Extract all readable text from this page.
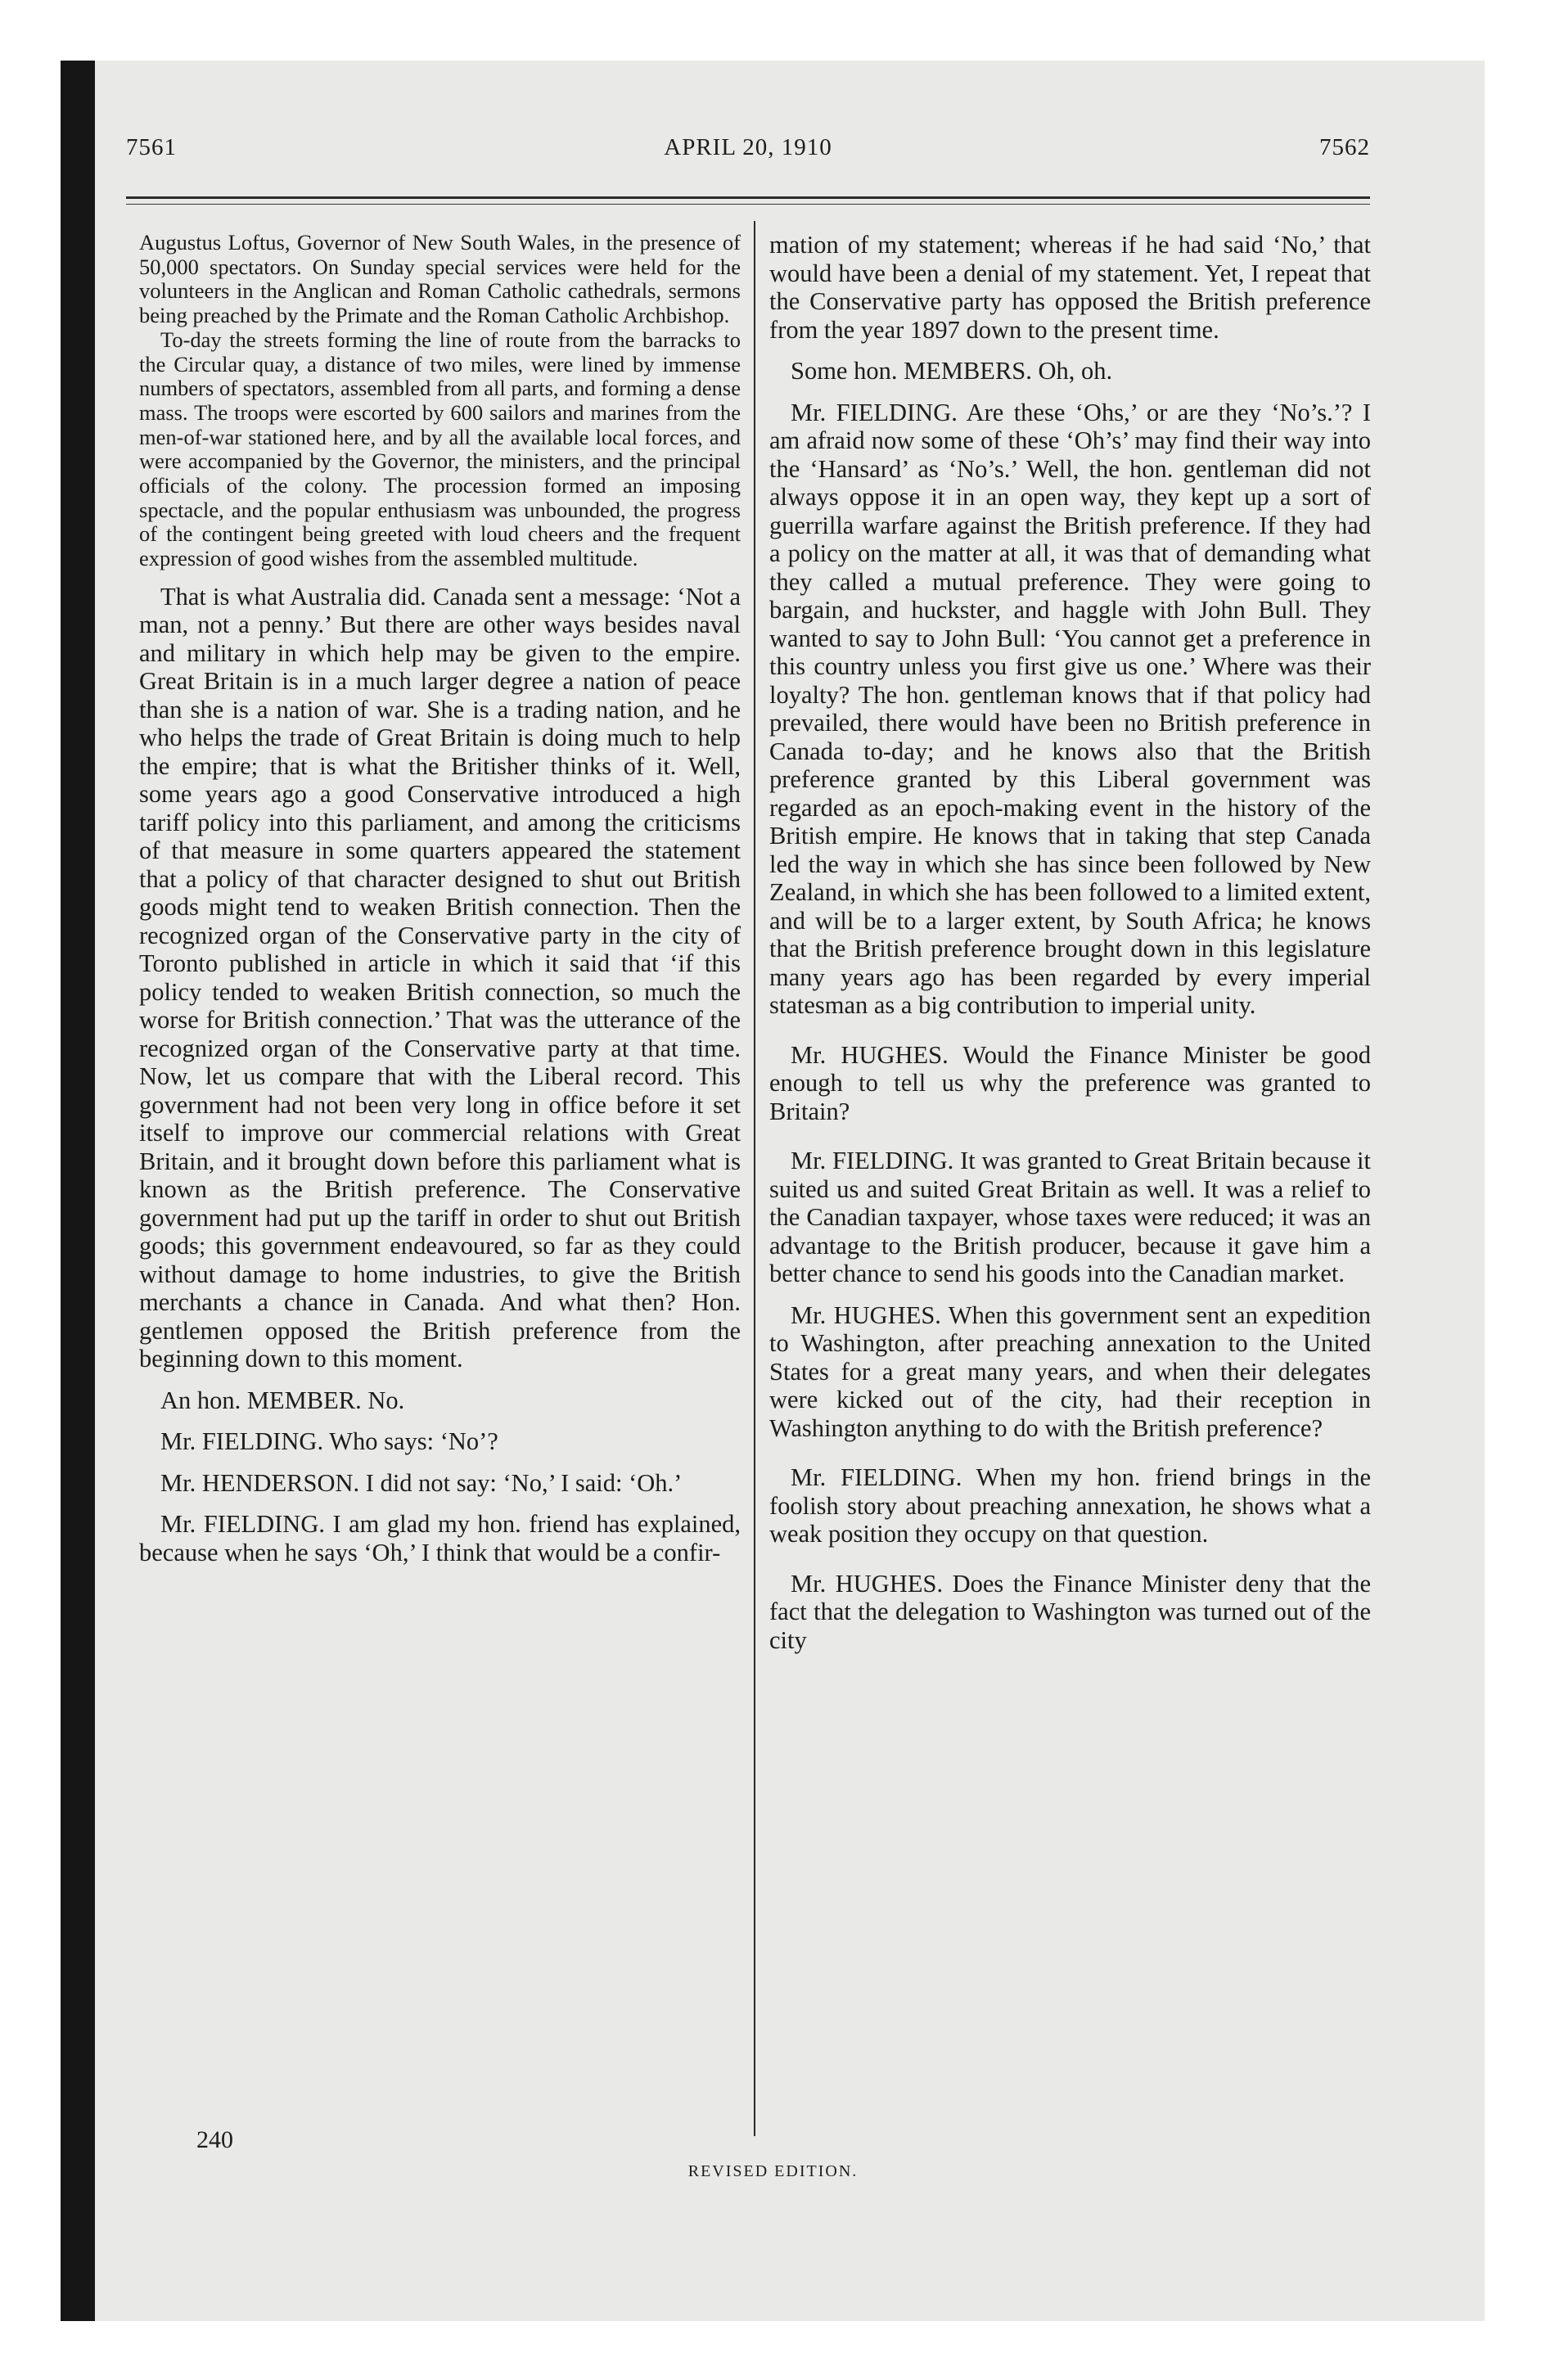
7561	APRIL 20, 1910	7562

Augustus Loftus, Governor of New South Wales, in the presence of 50,000 spectators. On Sunday special services were held for the volunteers in the Anglican and Roman Catholic cathedrals, sermons being preached by the Primate and the Roman Catholic Archbishop.

To-day the streets forming the line of route from the barracks to the Circular quay, a distance of two miles, were lined by immense numbers of spectators, assembled from all parts, and forming a dense mass. The troops were escorted by 600 sailors and marines from the men-of-war stationed here, and by all the available local forces, and were accompanied by the Governor, the ministers, and the principal officials of the colony. The procession formed an imposing spectacle, and the popular enthusiasm was unbounded, the progress of the contingent being greeted with loud cheers and the frequent expression of good wishes from the assembled multitude.

That is what Australia did. Canada sent a message: ‘Not a man, not a penny.’ But there are other ways besides naval and military in which help may be given to the empire. Great Britain is in a much larger degree a nation of peace than she is a nation of war. She is a trading nation, and he who helps the trade of Great Britain is doing much to help the empire; that is what the Britisher thinks of it. Well, some years ago a good Conservative introduced a high tariff policy into this parliament, and among the criticisms of that measure in some quarters appeared the statement that a policy of that character designed to shut out British goods might tend to weaken British connection. Then the recognized organ of the Conservative party in the city of Toronto published in article in which it said that ‘if this policy tended to weaken British connection, so much the worse for British connection.’ That was the utterance of the recognized organ of the Conservative party at that time. Now, let us compare that with the Liberal record. This government had not been very long in office before it set itself to improve our commercial relations with Great Britain, and it brought down before this parliament what is known as the British preference. The Conservative government had put up the tariff in order to shut out British goods; this government endeavoured, so far as they could without damage to home industries, to give the British merchants a chance in Canada. And what then? Hon. gentlemen opposed the British preference from the beginning down to this moment.

An hon. MEMBER. No.

Mr. FIELDING. Who says: ‘No’?

Mr. HENDERSON. I did not say: ‘No,’ I said: ‘Oh.’

Mr. FIELDING. I am glad my hon. friend has explained, because when he says ‘Oh,’ I think that would be a confir-

mation of my statement; whereas if he had said ‘No,’ that would have been a denial of my statement. Yet, I repeat that the Conservative party has opposed the British preference from the year 1897 down to the present time.

Some hon. MEMBERS. Oh, oh.

Mr. FIELDING. Are these ‘Ohs,’ or are they ‘No’s.’? I am afraid now some of these ‘Oh’s’ may find their way into the ‘Hansard’ as ‘No’s.’ Well, the hon. gentleman did not always oppose it in an open way, they kept up a sort of guerrilla warfare against the British preference. If they had a policy on the matter at all, it was that of demanding what they called a mutual preference. They were going to bargain, and huckster, and haggle with John Bull. They wanted to say to John Bull: ‘You cannot get a preference in this country unless you first give us one.’ Where was their loyalty? The hon. gentleman knows that if that policy had prevailed, there would have been no British preference in Canada to-day; and he knows also that the British preference granted by this Liberal government was regarded as an epoch-making event in the history of the British empire. He knows that in taking that step Canada led the way in which she has since been followed by New Zealand, in which she has been followed to a limited extent, and will be to a larger extent, by South Africa; he knows that the British preference brought down in this legislature many years ago has been regarded by every imperial statesman as a big contribution to imperial unity.

Mr. HUGHES. Would the Finance Minister be good enough to tell us why the preference was granted to Britain?

Mr. FIELDING. It was granted to Great Britain because it suited us and suited Great Britain as well. It was a relief to the Canadian taxpayer, whose taxes were reduced; it was an advantage to the British producer, because it gave him a better chance to send his goods into the Canadian market.

Mr. HUGHES. When this government sent an expedition to Washington, after preaching annexation to the United States for a great many years, and when their delegates were kicked out of the city, had their reception in Washington anything to do with the British preference?

Mr. FIELDING. When my hon. friend brings in the foolish story about preaching annexation, he shows what a weak position they occupy on that question.

Mr. HUGHES. Does the Finance Minister deny that the fact that the delegation to Washington was turned out of the city

240
REVISED EDITION.
